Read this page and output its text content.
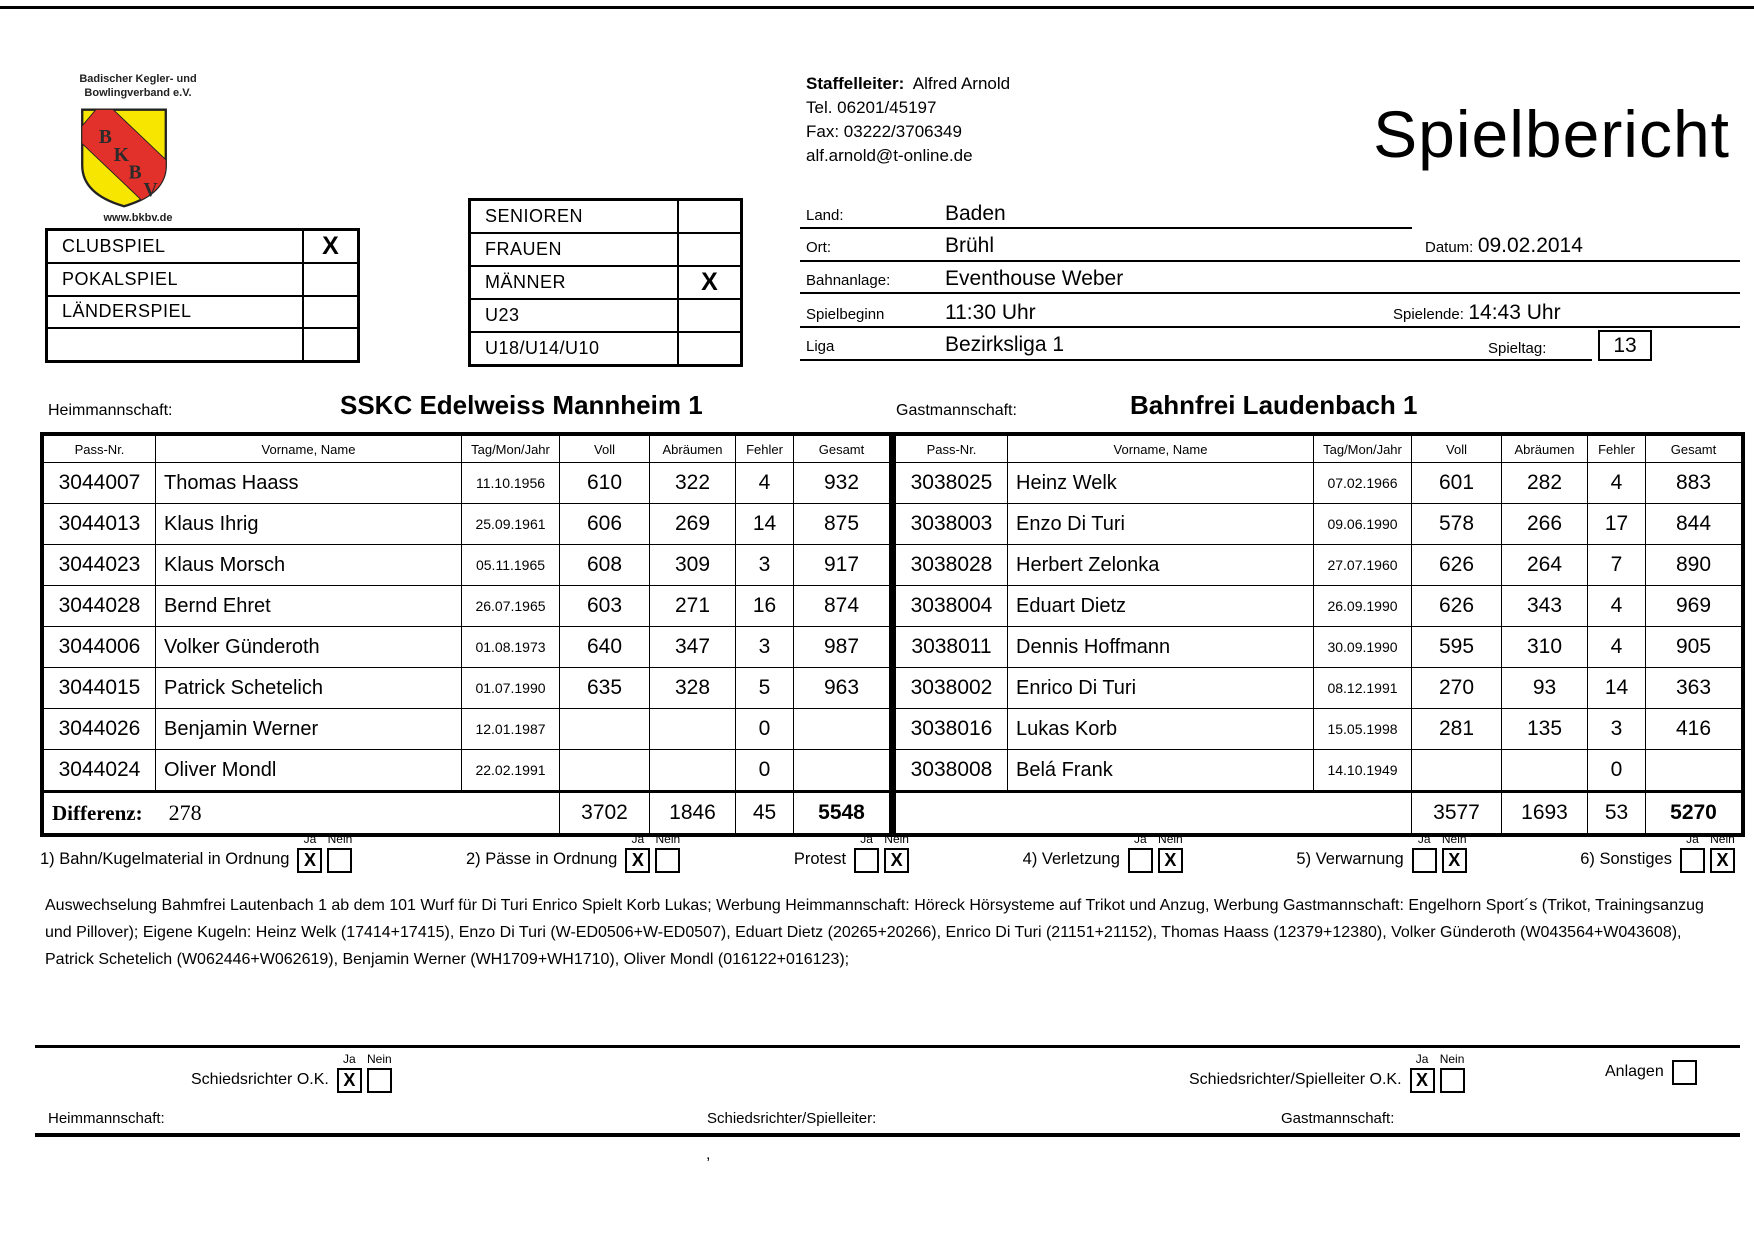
Badischer Kegler- und
Bowlingverband e.V.
B
K
B
V
www.bkbv.de
CLUBSPIEL	X
POKALSPIEL
LÄNDERSPIEL
SENIOREN
FRAUEN
MÄNNER	X
U23
U18/U14/U10
Staffelleiter: Alfred Arnold
Tel. 06201/45197
Fax: 03222/3706349
alf.arnold@t-online.de	Spielbericht
Land:	Baden
Ort:	Brühl	Datum: 09.02.2014
Bahnanlage:	Eventhouse Weber
Spielbeginn	11:30 Uhr	Spielende: 14:43 Uhr
Liga	Bezirksliga 1	Spieltag:	13
Heimmannschaft:	SSKC Edelweiss Mannheim 1	Gastmannschaft:	Bahnfrei Laudenbach 1
Pass-Nr.	Vorname, Name	Tag/Mon/Jahr	Voll	Abräumen	Fehler	Gesamt
3044007	Thomas Haass	11.10.1956	610	322	4	932
3044013	Klaus Ihrig	25.09.1961	606	269	14	875
3044023	Klaus Morsch	05.11.1965	608	309	3	917
3044028	Bernd Ehret	26.07.1965	603	271	16	874
3044006	Volker Günderoth	01.08.1973	640	347	3	987
3044015	Patrick Schetelich	01.07.1990	635	328	5	963
3044026	Benjamin Werner	12.01.1987			0	
3044024	Oliver Mondl	22.02.1991			0	
Differenz: 278			3702	1846	45	5548
Pass-Nr.	Vorname, Name	Tag/Mon/Jahr	Voll	Abräumen	Fehler	Gesamt
3038025	Heinz Welk	07.02.1966	601	282	4	883
3038003	Enzo Di Turi	09.06.1990	578	266	17	844
3038028	Herbert Zelonka	27.07.1960	626	264	7	890
3038004	Eduart Dietz	26.09.1990	626	343	4	969
3038011	Dennis Hoffmann	30.09.1990	595	310	4	905
3038002	Enrico Di Turi	08.12.1991	270	93	14	363
3038016	Lukas Korb	15.05.1998	281	135	3	416
3038008	Belá Frank	14.10.1949			0	
			3577	1693	53	5270
1) Bahn/Kugelmaterial in Ordnung
Ja Nein
X	2) Pässe in Ordnung
Ja Nein
X	Protest
Ja Nein
X	4) Verletzung
Ja Nein
X	5) Verwarnung
Ja Nein
X	6) Sonstiges
Ja Nein
X
Auswechselung Bahmfrei Lautenbach 1 ab dem 101 Wurf für Di Turi Enrico Spielt Korb Lukas; Werbung Heimmannschaft: Höreck Hörsysteme auf Trikot und Anzug, Werbung Gastmannschaft: Engelhorn Sport´s (Trikot, Trainingsanzug und Pillover); Eigene Kugeln: Heinz Welk (17414+17415), Enzo Di Turi (W-ED0506+W-ED0507), Eduart Dietz (20265+20266), Enrico Di Turi (21151+21152), Thomas Haass (12379+12380), Volker Günderoth (W043564+W043608), Patrick Schetelich (W062446+W062619), Benjamin Werner (WH1709+WH1710), Oliver Mondl (016122+016123);
Schiedsrichter O.K.
Ja Nein
X	Schiedsrichter/Spielleiter O.K.
Ja Nein
X	Anlagen
Heimmannschaft:	Schiedsrichter/Spielleiter:	Gastmannschaft:
,
